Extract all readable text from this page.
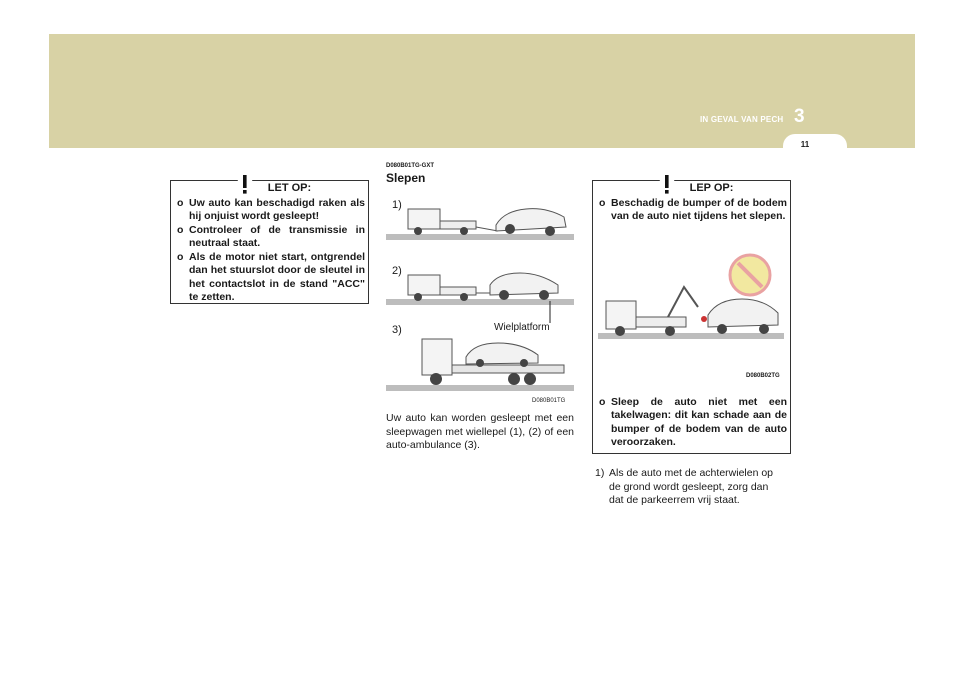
IN GEVAL VAN PECH 3
11
LET OP:
o Uw auto kan beschadigd raken als hij onjuist wordt gesleept!
o Controleer of de transmissie in neutraal staat.
o Als de motor niet start, ontgrendel dan het stuurslot door de sleutel in het contactslot in de stand "ACC" te zetten.
D080B01TG-GXT
Slepen
1)
2)
3)	Wielplatform
D080B01TG
Uw auto kan worden gesleept met een sleepwagen met wiellepel (1), (2) of een auto-ambulance (3).
LEP OP:
o Beschadig de bumper of de bodem van de auto niet tijdens het slepen.
D080B02TG
o Sleep de auto niet met een takelwagen: dit kan schade aan de bumper of de bodem van de auto veroorzaken.
1) Als de auto met de achterwielen op de grond wordt gesleept, zorg dan dat de parkeerrem vrij staat.
